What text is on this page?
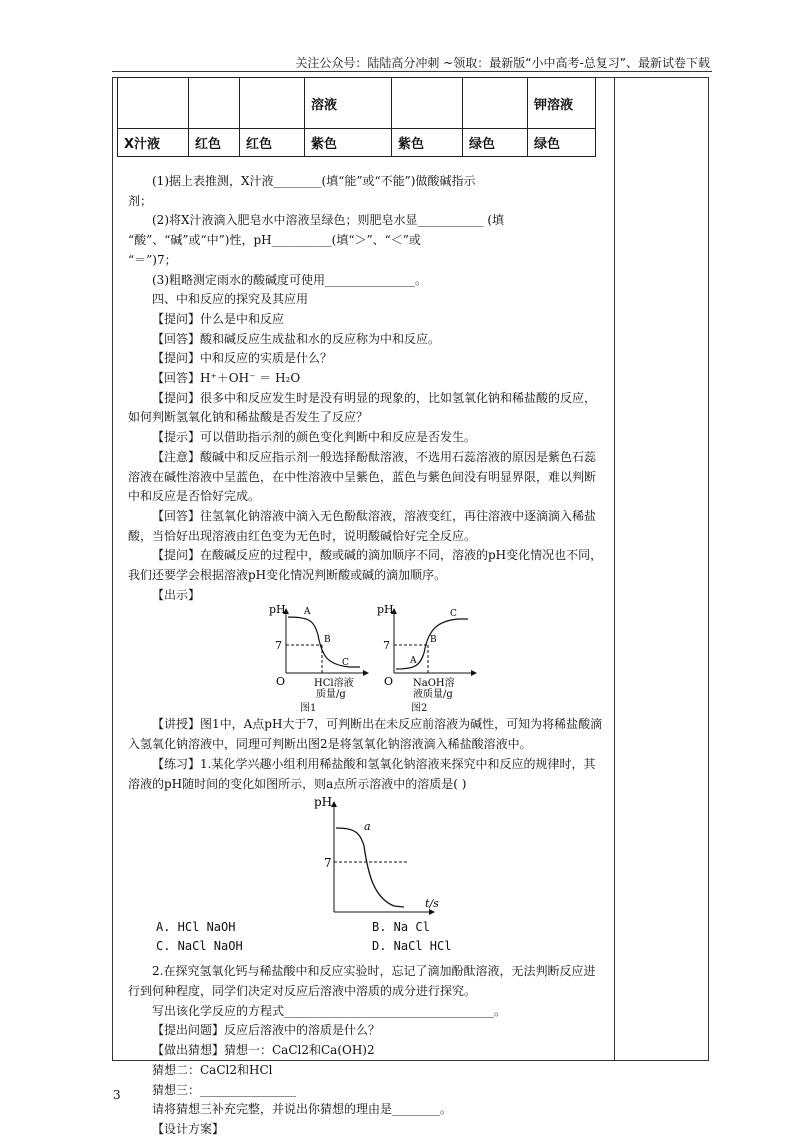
关注公众号：陆陆高分冲刺 ~领取：最新版“小中高考-总复习”、最新试卷下载
			溶液			钾溶液
X汁液	红色	红色	紫色	紫色	绿色	绿色

(1)据上表推测，X汁液________(填“能”或“不能”)做酸碱指示

剂；

(2)将X汁液滴入肥皂水中溶液呈绿色；则肥皂水显___________ (填

“酸”、“碱”或“中”)性，pH__________(填“＞”、“＜”或

“＝”)7；

(3)粗略测定雨水的酸碱度可使用_______________。

四、中和反应的探究及其应用

【提问】什么是中和反应

【回答】酸和碱反应生成盐和水的反应称为中和反应。

【提问】中和反应的实质是什么？

【回答】H⁺＋OH⁻ ＝ H₂O

【提问】很多中和反应发生时是没有明显的现象的，比如氢氧化钠和稀盐酸的反应，如何判断氢氧化钠和稀盐酸是否发生了反应？

【提示】可以借助指示剂的颜色变化判断中和反应是否发生。

【注意】酸碱中和反应指示剂一般选择酚酞溶液，不选用石蕊溶液的原因是紫色石蕊溶液在碱性溶液中呈蓝色，在中性溶液中呈紫色，蓝色与紫色间没有明显界限，难以判断中和反应是否恰好完成。

【回答】往氢氧化钠溶液中滴入无色酚酞溶液，溶液变红，再往溶液中逐滴滴入稀盐酸，当恰好出现溶液由红色变为无色时，说明酸碱恰好完全反应。

【提问】在酸碱反应的过程中，酸或碱的滴加顺序不同，溶液的pH变化情况也不同，我们还要学会根据溶液pH变化情况判断酸或碱的滴加顺序。

【出示】

pH
7
O
A
B
C
HCl溶液
质量/g
pH
7
O
A
B
C
NaOH溶
液质量/g
图1	图2

【讲授】图1中，A点pH大于7，可判断出在未反应前溶液为碱性，可知为将稀盐酸滴入氢氧化钠溶液中，同理可判断出图2是将氢氧化钠溶液滴入稀盐酸溶液中。

【练习】1.某化学兴趣小组利用稀盐酸和氢氧化钠溶液来探究中和反应的规律时，其溶液的pH随时间的变化如图所示，则a点所示溶液中的溶质是( )

pH
7
a
t/s
A. HCl NaOH	B. Na Cl
C. NaCl NaOH	D. NaCl HCl

2.在探究氢氧化钙与稀盐酸中和反应实验时，忘记了滴加酚酞溶液，无法判断反应进行到何种程度，同学们决定对反应后溶液中溶质的成分进行探究。

写出该化学反应的方程式___________________________________。

【提出问题】反应后溶液中的溶质是什么？

【做出猜想】猜想一：CaCl2和Ca(OH)2

猜想二：CaCl2和HCl

猜想三：________________

请将猜想三补充完整，并说出你猜想的理由是________。

【设计方案】

3
